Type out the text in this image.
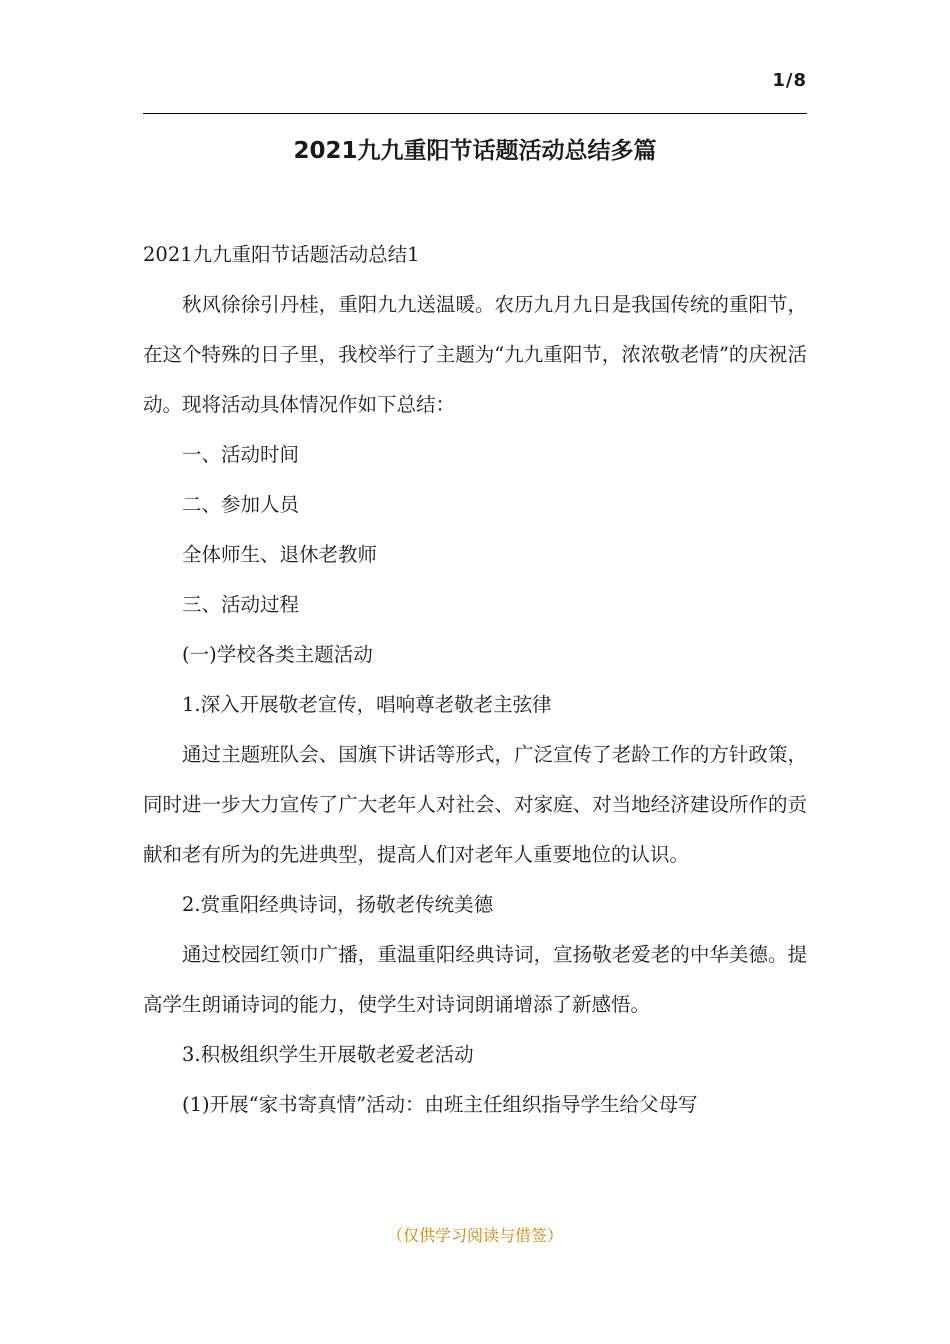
1/8
2021九九重阳节话题活动总结多篇

2021九九重阳节话题活动总结1

秋风徐徐引丹桂，重阳九九送温暖。农历九月九日是我国传统的重阳节，在这个特殊的日子里，我校举行了主题为“九九重阳节，浓浓敬老情”的庆祝活动。现将活动具体情况作如下总结：

一、活动时间

二、参加人员

全体师生、退休老教师

三、活动过程

(一)学校各类主题活动

1.深入开展敬老宣传，唱响尊老敬老主弦律

通过主题班队会、国旗下讲话等形式，广泛宣传了老龄工作的方针政策，同时进一步大力宣传了广大老年人对社会、对家庭、对当地经济建设所作的贡献和老有所为的先进典型，提高人们对老年人重要地位的认识。

2.赏重阳经典诗词，扬敬老传统美德

通过校园红领巾广播，重温重阳经典诗词，宣扬敬老爱老的中华美德。提高学生朗诵诗词的能力，使学生对诗词朗诵增添了新感悟。

3.积极组织学生开展敬老爱老活动

(1)开展“家书寄真情”活动：由班主任组织指导学生给父母写

（仅供学习阅读与借签）
